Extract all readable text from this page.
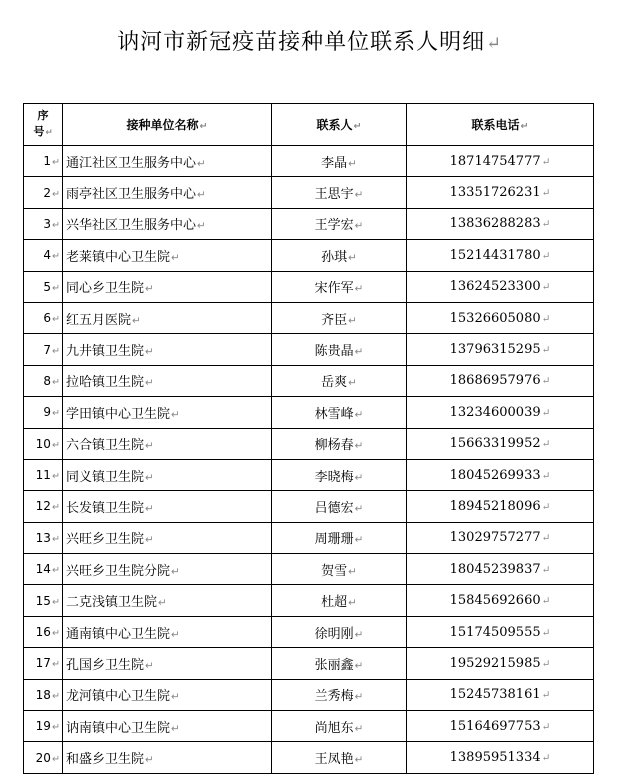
讷河市新冠疫苗接种单位联系人明细↵
序
号↵	接种单位名称↵	联系人↵	联系电话↵
1↵	通江社区卫生服务中心↵	李晶↵	18714754777↵
2↵	雨亭社区卫生服务中心↵	王思宇↵	13351726231↵
3↵	兴华社区卫生服务中心↵	王学宏↵	13836288283↵
4↵	老莱镇中心卫生院↵	孙琪↵	15214431780↵
5↵	同心乡卫生院↵	宋作军↵	13624523300↵
6↵	红五月医院↵	齐臣↵	15326605080↵
7↵	九井镇卫生院↵	陈贵晶↵	13796315295↵
8↵	拉哈镇卫生院↵	岳爽↵	18686957976↵
9↵	学田镇中心卫生院↵	林雪峰↵	13234600039↵
10↵	六合镇卫生院↵	柳杨春↵	15663319952↵
11↵	同义镇卫生院↵	李晓梅↵	18045269933↵
12↵	长发镇卫生院↵	吕德宏↵	18945218096↵
13↵	兴旺乡卫生院↵	周珊珊↵	13029757277↵
14↵	兴旺乡卫生院分院↵	贺雪↵	18045239837↵
15↵	二克浅镇卫生院↵	杜超↵	15845692660↵
16↵	通南镇中心卫生院↵	徐明刚↵	15174509555↵
17↵	孔国乡卫生院↵	张丽鑫↵	19529215985↵
18↵	龙河镇中心卫生院↵	兰秀梅↵	15245738161↵
19↵	讷南镇中心卫生院↵	尚旭东↵	15164697753↵
20↵	和盛乡卫生院↵	王凤艳↵	13895951334↵
